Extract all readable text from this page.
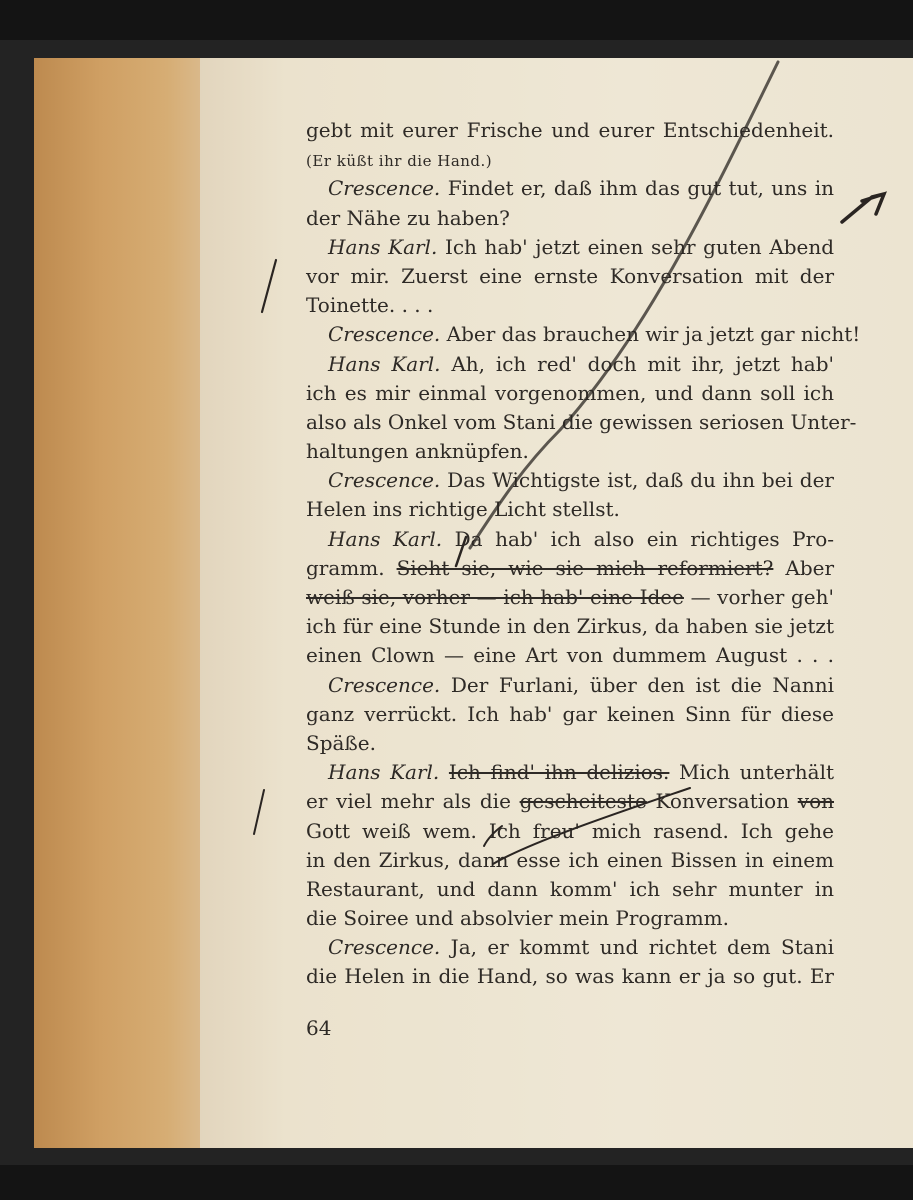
gebt mit eurer Frische und eurer Entschiedenheit.
(Er küßt ihr die Hand.)
Crescence. Findet er, daß ihm das gut tut, uns in
der Nähe zu haben?
Hans Karl. Ich hab' jetzt einen sehr guten Abend
vor mir. Zuerst eine ernste Konversation mit der
Toinette. . . .
Crescence. Aber das brauchen wir ja jetzt gar nicht!
Hans Karl. Ah, ich red' doch mit ihr, jetzt hab'
ich es mir einmal vorgenommen, und dann soll ich
also als Onkel vom Stani die gewissen seriosen Unter-
haltungen anknüpfen.
Crescence. Das Wichtigste ist, daß du ihn bei der
Helen ins richtige Licht stellst.
Hans Karl. Da hab' ich also ein richtiges Pro-
gramm. Sieht sie, wie sie mich reformiert? Aber
weiß sie, vorher — ich hab' eine Idee — vorher geh'
ich für eine Stunde in den Zirkus, da haben sie jetzt
einen Clown — eine Art von dummem August . . .
Crescence. Der Furlani, über den ist die Nanni
ganz verrückt. Ich hab' gar keinen Sinn für diese
Späße.
Hans Karl. Ich find' ihn delizios. Mich unterhält
er viel mehr als die gescheiteste Konversation von
Gott weiß wem. Ich freu' mich rasend. Ich gehe
in den Zirkus, dann esse ich einen Bissen in einem
Restaurant, und dann komm' ich sehr munter in
die Soiree und absolvier mein Programm.
Crescence. Ja, er kommt und richtet dem Stani
die Helen in die Hand, so was kann er ja so gut. Er
64
